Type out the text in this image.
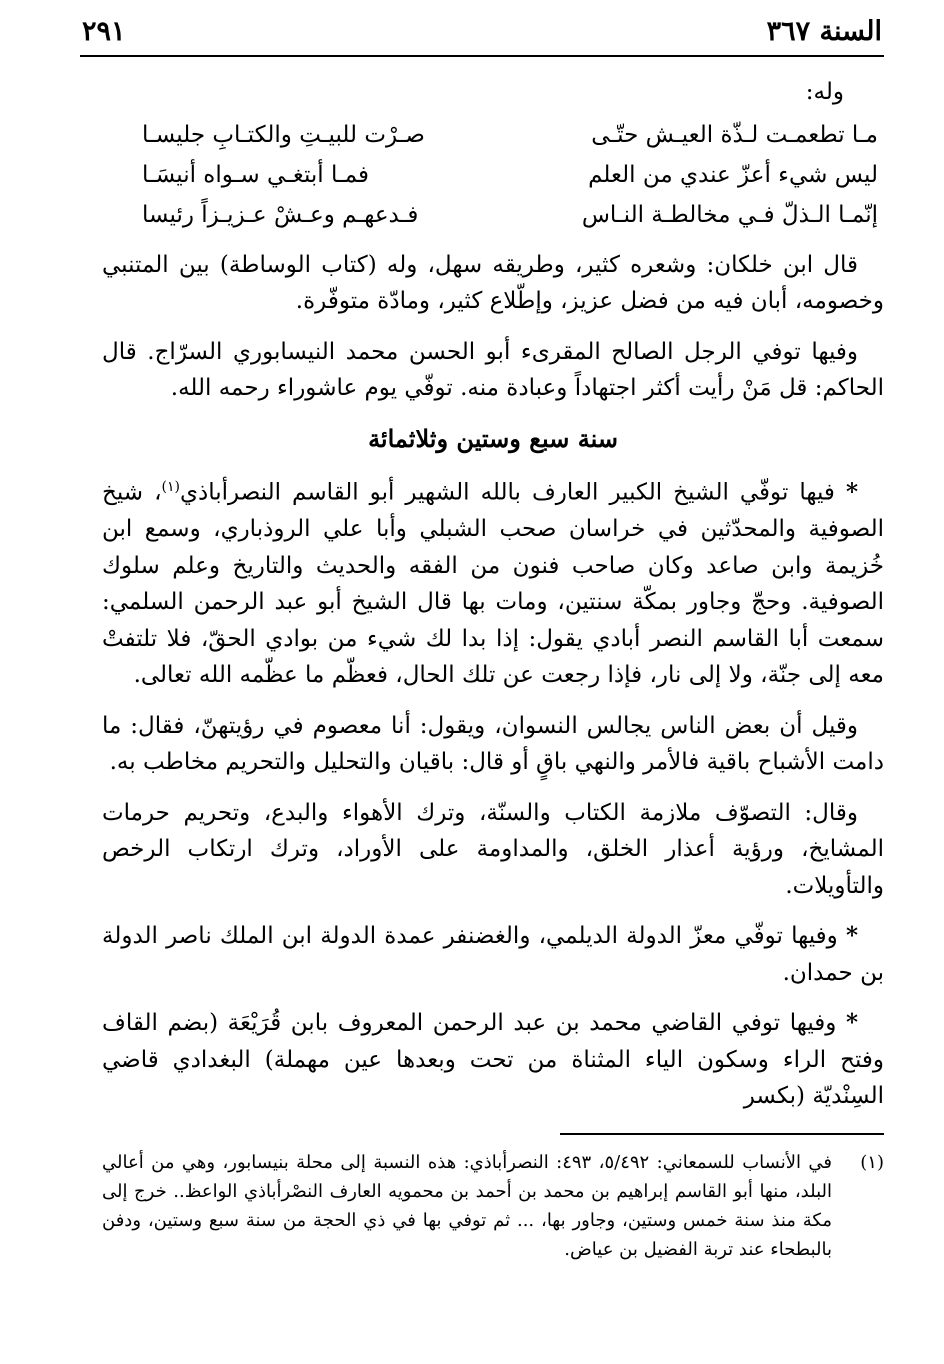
السنة ٣٦٧
٢٩١
وله:
مـا تطعمـت لـذّة العيـش حتّـى
صـرْت للبيـتِ والكتـابِ جليسـا
ليس شيء أعزّ عندي من العلم
فمـا أبتغـي سـواه أنيسَـا
إنّمـا الـذلّ فـي مخالطـة النـاس
فـدعهـم وعـشْ عـزيـزاً رئيسا

قال ابن خلكان: وشعره كثير، وطريقه سهل، وله (كتاب الوساطة) بين المتنبي وخصومه، أبان فيه من فضل عزيز، وإطّلاع كثير، ومادّة متوفّرة.

وفيها توفي الرجل الصالح المقرىء أبو الحسن محمد النيسابوري السرّاج. قال الحاكم: قل مَنْ رأيت أكثر اجتهاداً وعبادة منه. توفّي يوم عاشوراء رحمه الله.

سنة سبع وستين وثلاثمائة

* فيها توفّي الشيخ الكبير العارف بالله الشهير أبو القاسم النصرأباذي$^{(١)}$، شيخ الصوفية والمحدّثين في خراسان صحب الشبلي وأبا علي الروذباري، وسمع ابن خُزيمة وابن صاعد وكان صاحب فنون من الفقه والحديث والتاريخ وعلم سلوك الصوفية. وحجّ وجاور بمكّة سنتين، ومات بها قال الشيخ أبو عبد الرحمن السلمي: سمعت أبا القاسم النصر أبادي يقول: إذا بدا لك شيء من بوادي الحقّ، فلا تلتفتْ معه إلى جنّة، ولا إلى نار، فإذا رجعت عن تلك الحال، فعظّم ما عظّمه الله تعالى.

وقيل أن بعض الناس يجالس النسوان، ويقول: أنا معصوم في رؤيتهنّ، فقال: ما دامت الأشباح باقية فالأمر والنهي باقٍ أو قال: باقيان والتحليل والتحريم مخاطب به.

وقال: التصوّف ملازمة الكتاب والسنّة، وترك الأهواء والبدع، وتحريم حرمات المشايخ، ورؤية أعذار الخلق، والمداومة على الأوراد، وترك ارتكاب الرخص والتأويلات.

* وفيها توفّي معزّ الدولة الديلمي، والغضنفر عمدة الدولة ابن الملك ناصر الدولة بن حمدان.

* وفيها توفي القاضي محمد بن عبد الرحمن المعروف بابن قُرَيْعَة (بضم القاف وفتح الراء وسكون الياء المثناة من تحت وبعدها عين مهملة) البغدادي قاضي السِنْديّة (بكسر

(١)
في الأنساب للسمعاني: ٥/٤٩٢، ٤٩٣: النصرأباذي: هذه النسبة إلى محلة بنيسابور، وهي من أعالي البلد، منها أبو القاسم إبراهيم بن محمد بن أحمد بن محمويه العارف النصْرأباذي الواعظ.. خرج إلى مكة منذ سنة خمس وستين، وجاور بها، ... ثم توفي بها في ذي الحجة من سنة سبع وستين، ودفن بالبطحاء عند تربة الفضيل بن عياض.
